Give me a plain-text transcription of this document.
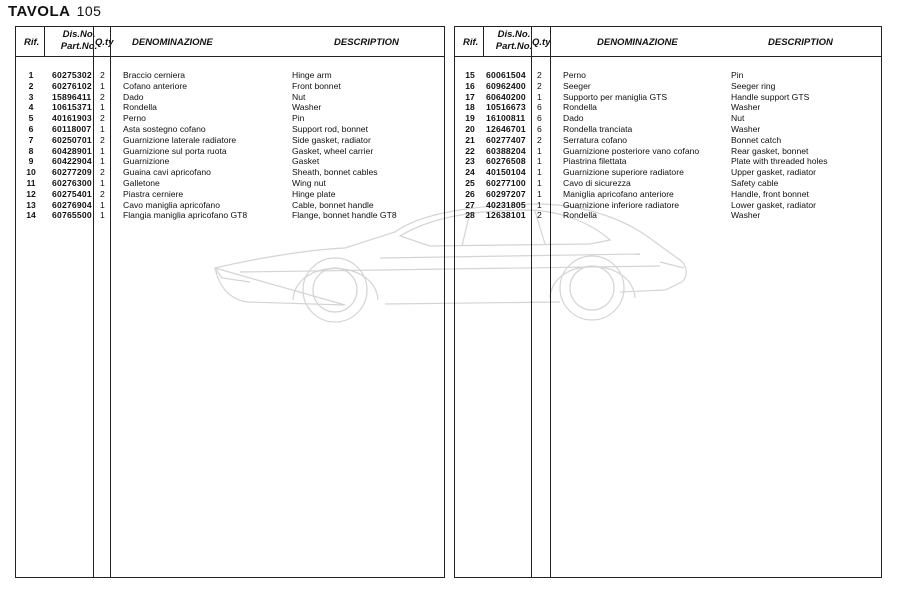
TAVOLA 105
Rif.
Dis.No.
Part.No.
Q.ty DENOMINAZIONE	DESCRIPTION
1	60275302 2 Braccio cerniera	Hinge arm
2	60276102 1 Cofano anteriore	Front bonnet
3	15896411 2 Dado	Nut
4	10615371 1 Rondella	Washer
5	40161903 2 Perno	Pin
6	60118007 1 Asta sostegno cofano	Support rod, bonnet
7	60250701 2 Guarnizione laterale radiatore	Side gasket, radiator
8	60428901 1 Guarnizione sul porta ruota	Gasket, wheel carrier
9	60422904 1 Guarnizione	Gasket
10	60277209 2 Guaina cavi apricofano	Sheath, bonnet cables
11	60276300 1 Galletone	Wing nut
12	60275401 2 Piastra cerniere	Hinge plate
13	60276904 1 Cavo maniglia apricofano	Cable, bonnet handle
14	60765500 1 Flangia maniglia apricofano GT8	Flange, bonnet handle GT8
Rif.
Dis.No.
Part.No. Q.ty	DENOMINAZIONE	DESCRIPTION
15	60061504 2 Perno	Pin
16	60962400 2 Seeger	Seeger ring
17	60640200 1 Supporto per maniglia GTS	Handle support GTS
18	10516673 6 Rondella	Washer
19	16100811 6 Dado	Nut
20	12646701 6 Rondella tranciata	Washer
21	60277407 2 Serratura cofano	Bonnet catch
22	60388204 1 Guarnizione posteriore vano cofano	Rear gasket, bonnet
23	60276508 1 Piastrina filettata	Plate with threaded holes
24	40150104 1 Guarnizione superiore radiatore	Upper gasket, radiator
25	60277100 1 Cavo di sicurezza	Safety cable
26	60297207 1 Maniglia apricofano anteriore	Handle, front bonnet
27	40231805 1 Guarnizione inferiore radiatore	Lower gasket, radiator
28	12638101 2 Rondella	Washer
